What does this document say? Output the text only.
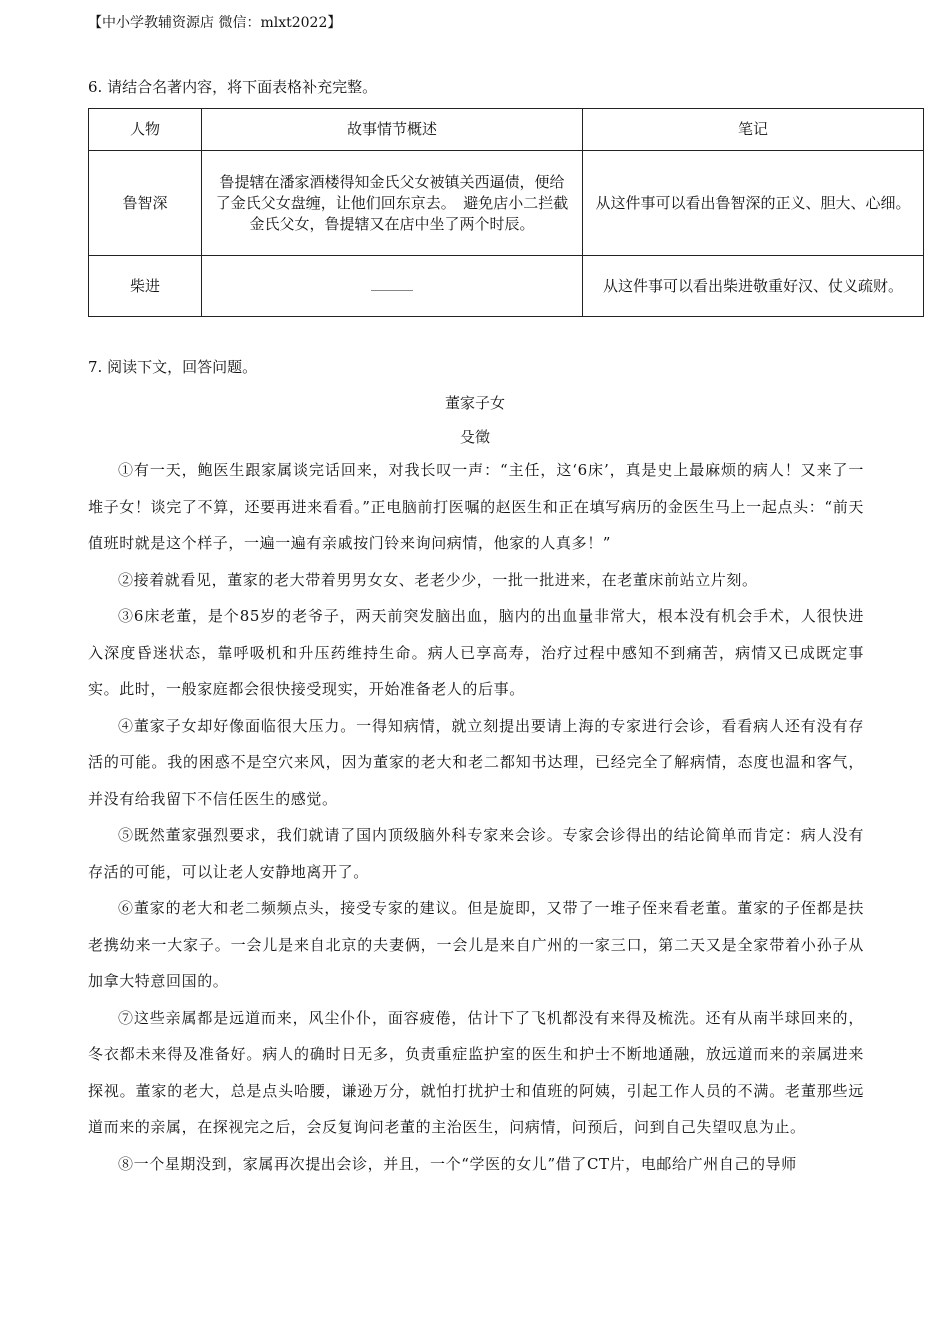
【中小学教辅资源店 微信：mlxt2022】
6. 请结合名著内容，将下面表格补充完整。
人物	故事情节概述	笔记
鲁智深	鲁提辖在潘家酒楼得知金氏父女被镇关西逼债，便给了金氏父女盘缠，让他们回东京去。　避免店小二拦截金氏父女，鲁提辖又在店中坐了两个时辰。	从这件事可以看出鲁智深的正义、胆大、心细。
柴进		从这件事可以看出柴进敬重好汉、仗义疏财。
7. 阅读下文，回答问题。
董家子女
殳徵

①有一天，鲍医生跟家属谈完话回来，对我长叹一声：“主任，这‘6床’，真是史上最麻烦的病人！又来了一堆子女！谈完了不算，还要再进来看看。”正电脑前打医嘱的赵医生和正在填写病历的金医生马上一起点头：“前天值班时就是这个样子，一遍一遍有亲戚按门铃来询问病情，他家的人真多！”

②接着就看见，董家的老大带着男男女女、老老少少，一批一批进来，在老董床前站立片刻。

③6床老董，是个85岁的老爷子，两天前突发脑出血，脑内的出血量非常大，根本没有机会手术，人很快进入深度昏迷状态，靠呼吸机和升压药维持生命。病人已享高寿，治疗过程中感知不到痛苦，病情又已成既定事实。此时，一般家庭都会很快接受现实，开始准备老人的后事。

④董家子女却好像面临很大压力。一得知病情，就立刻提出要请上海的专家进行会诊，看看病人还有没有存活的可能。我的困惑不是空穴来风，因为董家的老大和老二都知书达理，已经完全了解病情，态度也温和客气，并没有给我留下不信任医生的感觉。

⑤既然董家强烈要求，我们就请了国内顶级脑外科专家来会诊。专家会诊得出的结论简单而肯定：病人没有存活的可能，可以让老人安静地离开了。

⑥董家的老大和老二频频点头，接受专家的建议。但是旋即，又带了一堆子侄来看老董。董家的子侄都是扶老携幼来一大家子。一会儿是来自北京的夫妻俩，一会儿是来自广州的一家三口，第二天又是全家带着小孙子从加拿大特意回国的。

⑦这些亲属都是远道而来，风尘仆仆，面容疲倦，估计下了飞机都没有来得及梳洗。还有从南半球回来的，冬衣都未来得及准备好。病人的确时日无多，负责重症监护室的医生和护士不断地通融，放远道而来的亲属进来探视。董家的老大，总是点头哈腰，谦逊万分，就怕打扰护士和值班的阿姨，引起工作人员的不满。老董那些远道而来的亲属，在探视完之后，会反复询问老董的主治医生，问病情，问预后，问到自己失望叹息为止。

⑧一个星期没到，家属再次提出会诊，并且，一个“学医的女儿”借了CT片，电邮给广州自己的导师
